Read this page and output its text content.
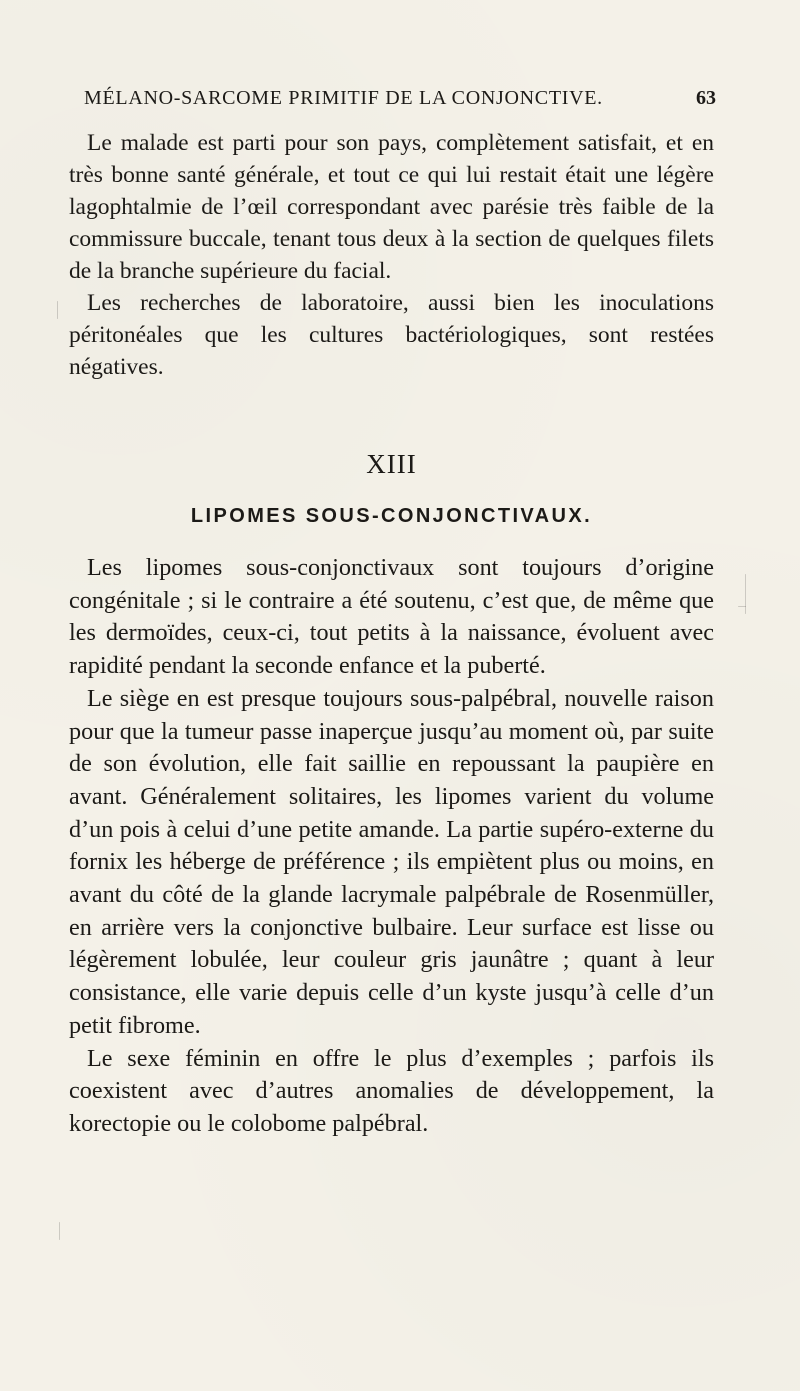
MÉLANO-SARCOME PRIMITIF DE LA CONJONCTIVE.	63

Le malade est parti pour son pays, complètement satisfait, et en très bonne santé générale, et tout ce qui lui restait était une légère lagophtalmie de l’œil correspondant avec parésie très faible de la commissure buccale, tenant tous deux à la section de quelques filets de la branche supérieure du facial.

Les recherches de laboratoire, aussi bien les inoculations péritonéales que les cultures bactériologiques, sont restées négatives.

XIII
LIPOMES SOUS-CONJONCTIVAUX.

Les lipomes sous-conjonctivaux sont toujours d’origine congénitale ; si le contraire a été soutenu, c’est que, de même que les dermoïdes, ceux-ci, tout petits à la naissance, évoluent avec rapidité pendant la seconde enfance et la puberté.

Le siège en est presque toujours sous-palpébral, nouvelle raison pour que la tumeur passe inaperçue jusqu’au moment où, par suite de son évolution, elle fait saillie en repoussant la paupière en avant. Généralement solitaires, les lipomes varient du volume d’un pois à celui d’une petite amande. La partie supéro-externe du fornix les héberge de préférence ; ils empiètent plus ou moins, en avant du côté de la glande lacrymale palpébrale de Rosenmüller, en arrière vers la conjonctive bulbaire. Leur surface est lisse ou légèrement lobulée, leur couleur gris jaunâtre ; quant à leur consistance, elle varie depuis celle d’un kyste jusqu’à celle d’un petit fibrome.

Le sexe féminin en offre le plus d’exemples ; parfois ils coexistent avec d’autres anomalies de développement, la korectopie ou le colobome palpébral.
